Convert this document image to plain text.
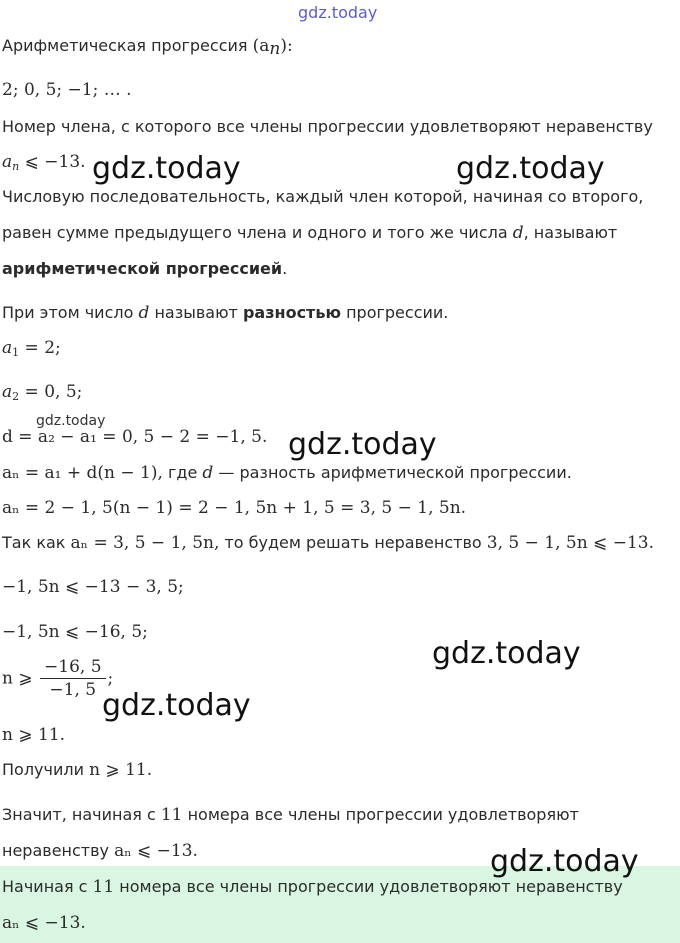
gdz.today
Арифметическая прогрессия $(a_n)$:
2; 0, 5; −1; … .
Номер члена, с которого все члены прогрессии удовлетворяют неравенству
$a_n$ ⩽ −13.
Числовую последовательность, каждый член которой, начиная со второго,
равен сумме предыдущего члена и одного и того же числа d, называют
арифметической прогрессией.
При этом число d называют разностью прогрессии.
$a_1 = 2$;
$a_2 = 0$, 5;
gdz.today
d = a₂ − a₁ = 0, 5 − 2 = −1, 5.
aₙ = a₁ + d(n − 1), где d — разность арифметической прогрессии.
aₙ = 2 − 1, 5(n − 1) = 2 − 1, 5n + 1, 5 = 3, 5 − 1, 5n.
Так как aₙ = 3, 5 − 1, 5n, то будем решать неравенство 3, 5 − 1, 5n ⩽ −13.
−1, 5n ⩽ −13 − 3, 5;
−1, 5n ⩽ −16, 5;
n ⩾ $\frac{-16, 5}{-1, 5}$ ;
n ⩾ 11.
Получили n ⩾ 11.
Значит, начиная с 11 номера все члены прогрессии удовлетворяют
неравенству aₙ ⩽ −13.
Начиная с 11 номера все члены прогрессии удовлетворяют неравенству
aₙ ⩽ −13.
gdz.today	gdz.today
gdz.today
gdz.today
gdz.today
gdz.today
